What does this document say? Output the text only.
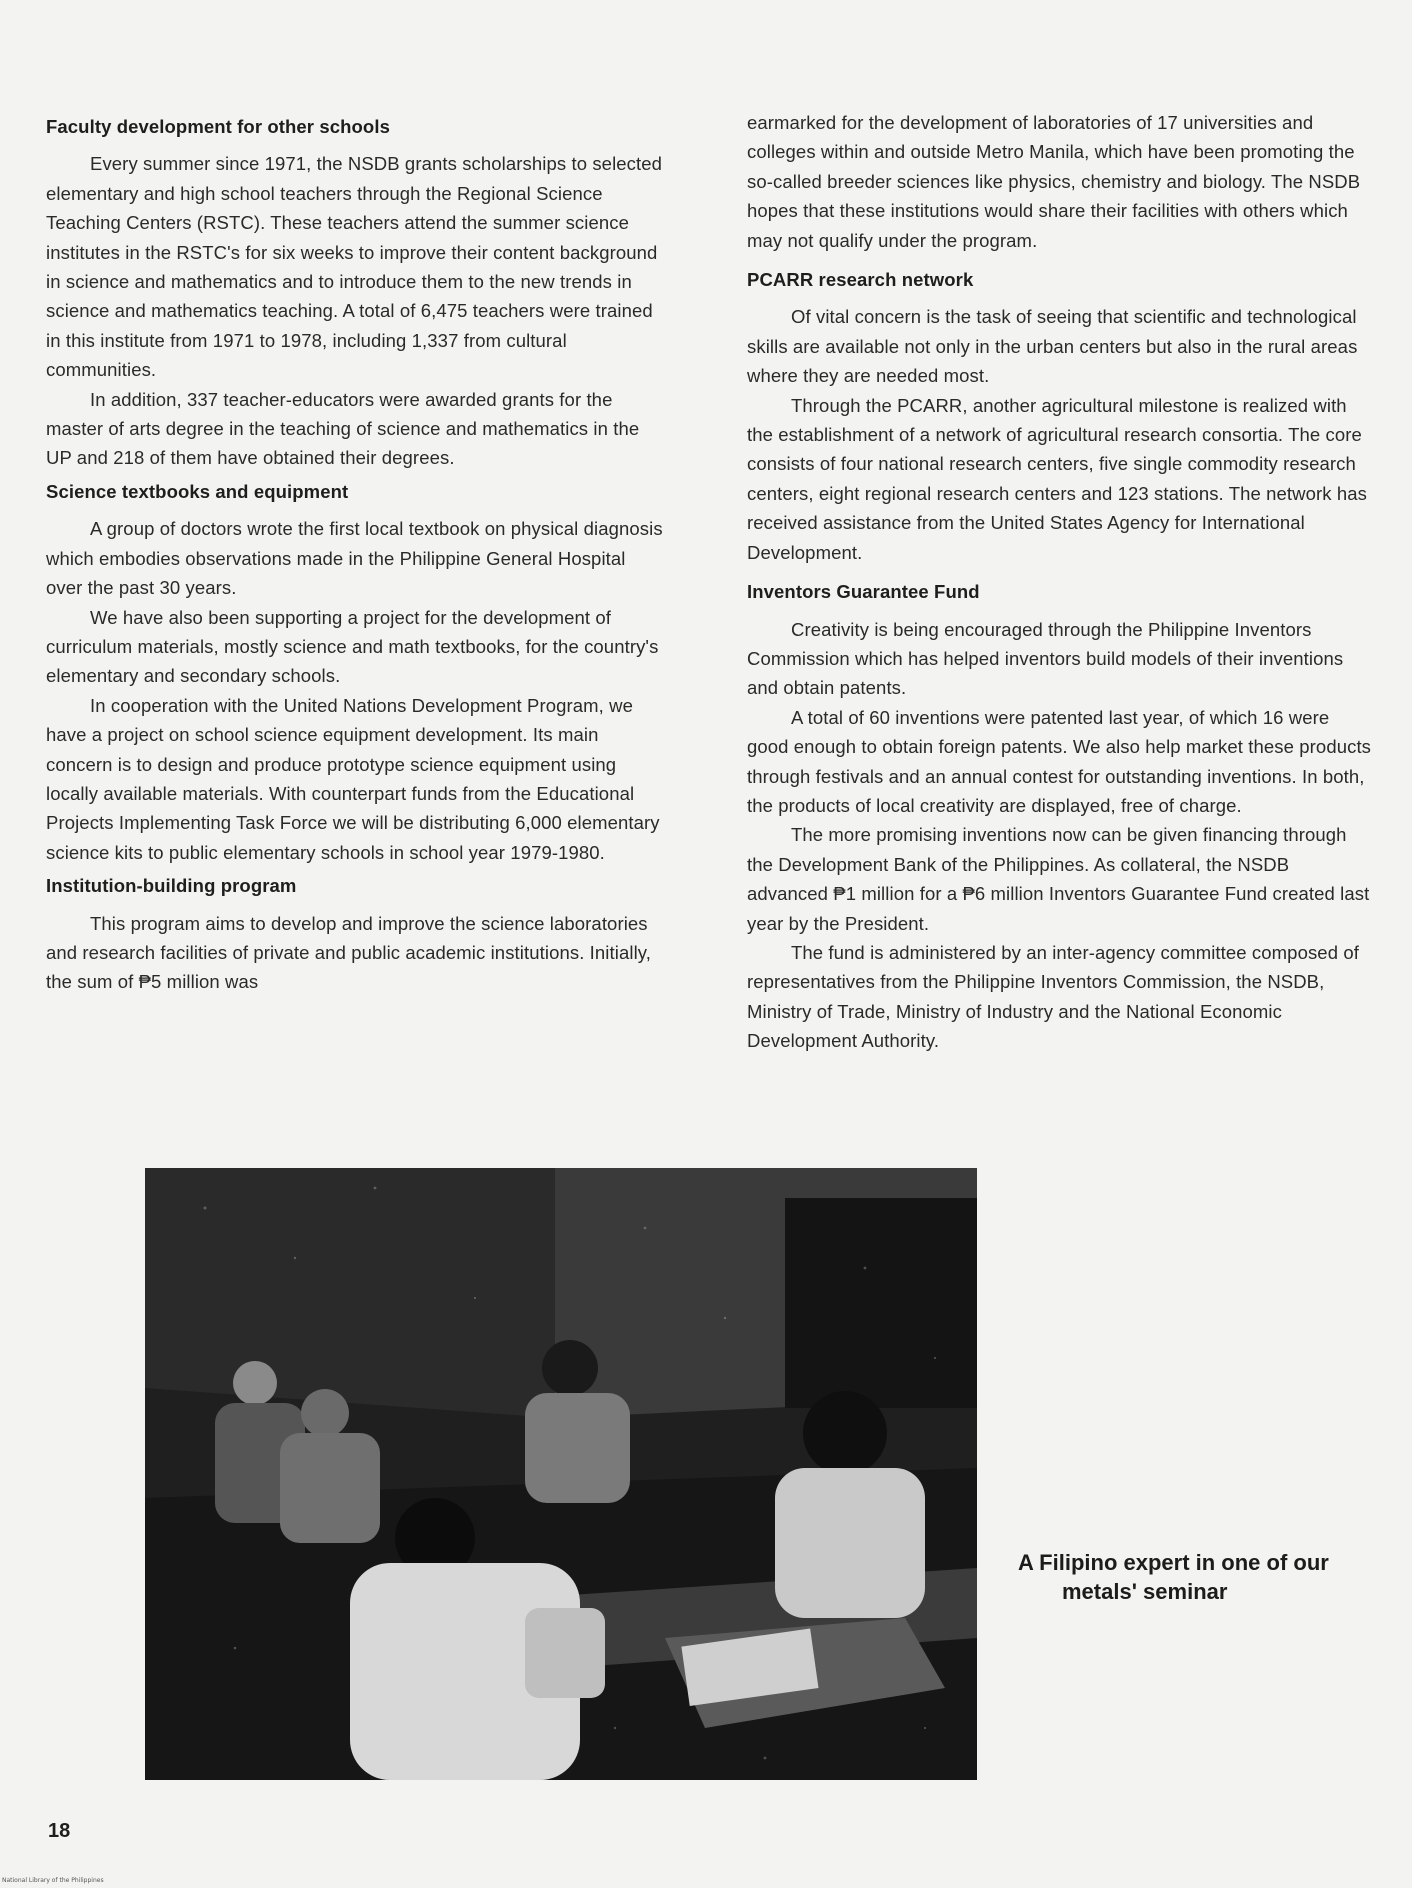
Faculty development for other schools

Every summer since 1971, the NSDB grants scholarships to selected elementary and high school teachers through the Regional Science Teaching Centers (RSTC). These teachers attend the summer science institutes in the RSTC's for six weeks to improve their content background in science and mathematics and to introduce them to the new trends in science and mathematics teaching. A total of 6,475 teachers were trained in this institute from 1971 to 1978, including 1,337 from cultural communities.

In addition, 337 teacher-educators were awarded grants for the master of arts degree in the teaching of science and mathematics in the UP and 218 of them have obtained their degrees.

Science textbooks and equipment

A group of doctors wrote the first local textbook on physical diagnosis which embodies observations made in the Philippine General Hospital over the past 30 years.

We have also been supporting a project for the development of curriculum materials, mostly science and math textbooks, for the country's elementary and secondary schools.

In cooperation with the United Nations Development Program, we have a project on school science equipment development. Its main concern is to design and produce prototype science equipment using locally available materials. With counterpart funds from the Educational Projects Implementing Task Force we will be distributing 6,000 elementary science kits to public elementary schools in school year 1979-1980.

Institution-building program

This program aims to develop and improve the science laboratories and research facilities of private and public academic institutions. Initially, the sum of ₱5 million was

earmarked for the development of laboratories of 17 universities and colleges within and outside Metro Manila, which have been promoting the so-called breeder sciences like physics, chemistry and biology. The NSDB hopes that these institutions would share their facilities with others which may not qualify under the program.

PCARR research network

Of vital concern is the task of seeing that scientific and technological skills are available not only in the urban centers but also in the rural areas where they are needed most.

Through the PCARR, another agricultural milestone is realized with the establishment of a network of agricultural research consortia. The core consists of four national research centers, five single commodity research centers, eight regional research centers and 123 stations. The network has received assistance from the United States Agency for International Development.

Inventors Guarantee Fund

Creativity is being encouraged through the Philippine Inventors Commission which has helped inventors build models of their inventions and obtain patents.

A total of 60 inventions were patented last year, of which 16 were good enough to obtain foreign patents. We also help market these products through festivals and an annual contest for outstanding inventions. In both, the products of local creativity are displayed, free of charge.

The more promising inventions now can be given financing through the Development Bank of the Philippines. As collateral, the NSDB advanced ₱1 million for a ₱6 million Inventors Guarantee Fund created last year by the President.

The fund is administered by an inter-agency committee composed of representatives from the Philippine Inventors Commission, the NSDB, Ministry of Trade, Ministry of Industry and the National Economic Development Authority.

A Filipino expert in one of our
metals' seminar
18
National Library of the Philippines
